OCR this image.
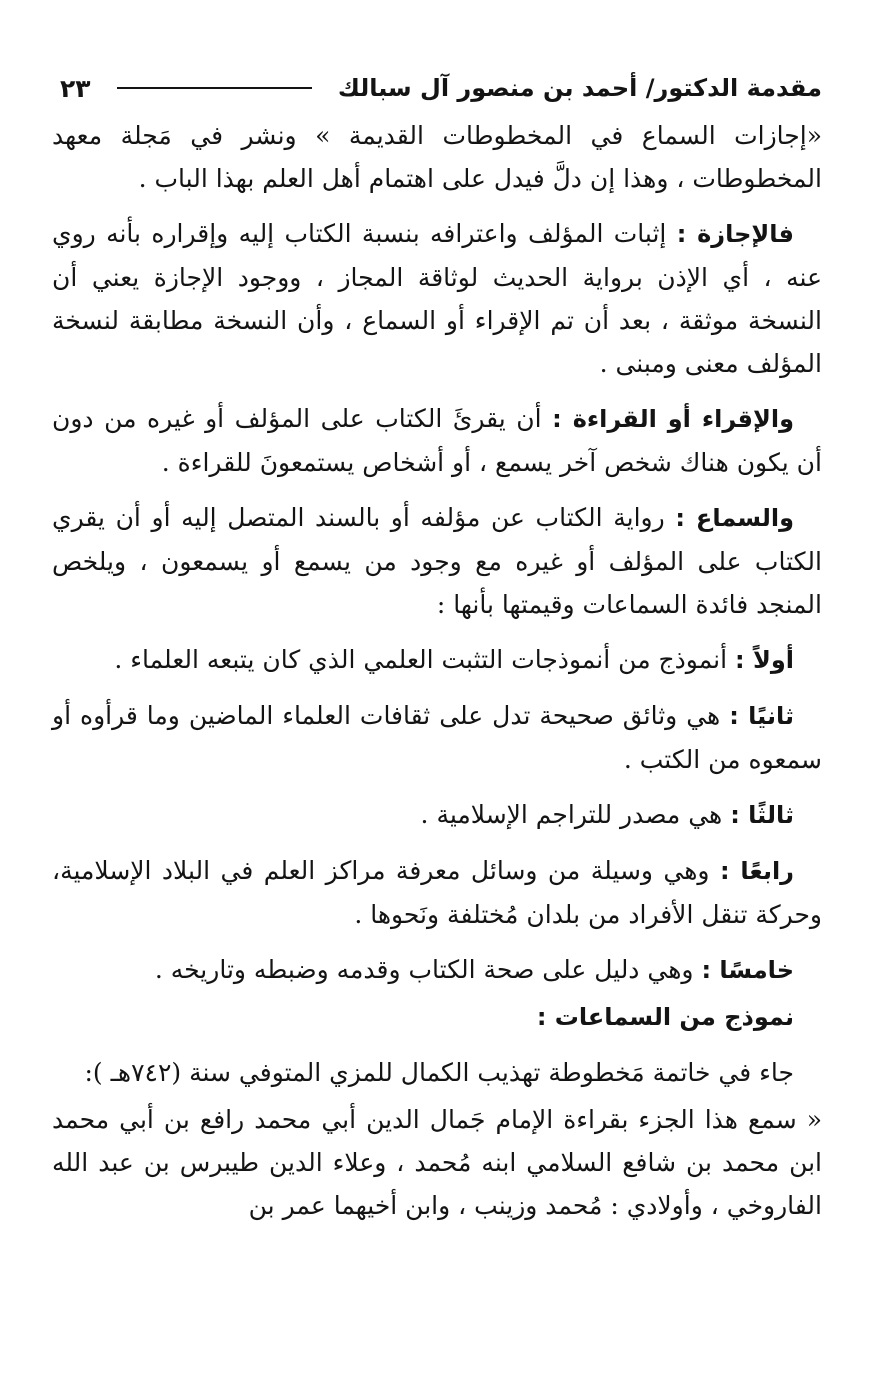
مقدمة الدكتور/ أحمد بن منصور آل سبالك
٢٣

«إجازات السماع في المخطوطات القديمة » ونشر في مَجلة معهد المخطوطات ، وهذا إن دلَّ فيدل على اهتمام أهل العلم بهذا الباب .

فالإجازة : إثبات المؤلف واعترافه بنسبة الكتاب إليه وإقراره بأنه روي عنه ، أي الإذن برواية الحديث لوثاقة المجاز ، ووجود الإجازة يعني أن النسخة موثقة ، بعد أن تم الإقراء أو السماع ، وأن النسخة مطابقة لنسخة المؤلف معنى ومبنى .

والإقراء أو القراءة : أن يقرئَ الكتاب على المؤلف أو غيره من دون أن يكون هناك شخص آخر يسمع ، أو أشخاص يستمعونَ للقراءة .

والسماع : رواية الكتاب عن مؤلفه أو بالسند المتصل إليه أو أن يقري الكتاب على المؤلف أو غيره مع وجود من يسمع أو يسمعون ، ويلخص المنجد فائدة السماعات وقيمتها بأنها :

أولاً : أنموذج من أنموذجات التثبت العلمي الذي كان يتبعه العلماء .

ثانيًا : هي وثائق صحيحة تدل على ثقافات العلماء الماضين وما قرأوه أو سمعوه من الكتب .

ثالثًا : هي مصدر للتراجم الإسلامية .

رابعًا : وهي وسيلة من وسائل معرفة مراكز العلم في البلاد الإسلامية، وحركة تنقل الأفراد من بلدان مُختلفة ونَحوها .

خامسًا : وهي دليل على صحة الكتاب وقدمه وضبطه وتاريخه .

نموذج من السماعات :

جاء في خاتمة مَخطوطة تهذيب الكمال للمزي المتوفي سنة (٧٤٢هـ ):

« سمع هذا الجزء بقراءة الإمام جَمال الدين أبي محمد رافع بن أبي محمد ابن محمد بن شافع السلامي ابنه مُحمد ، وعلاء الدين طيبرس بن عبد الله الفاروخي ، وأولادي : مُحمد وزينب ، وابن أخيهما عمر بن
